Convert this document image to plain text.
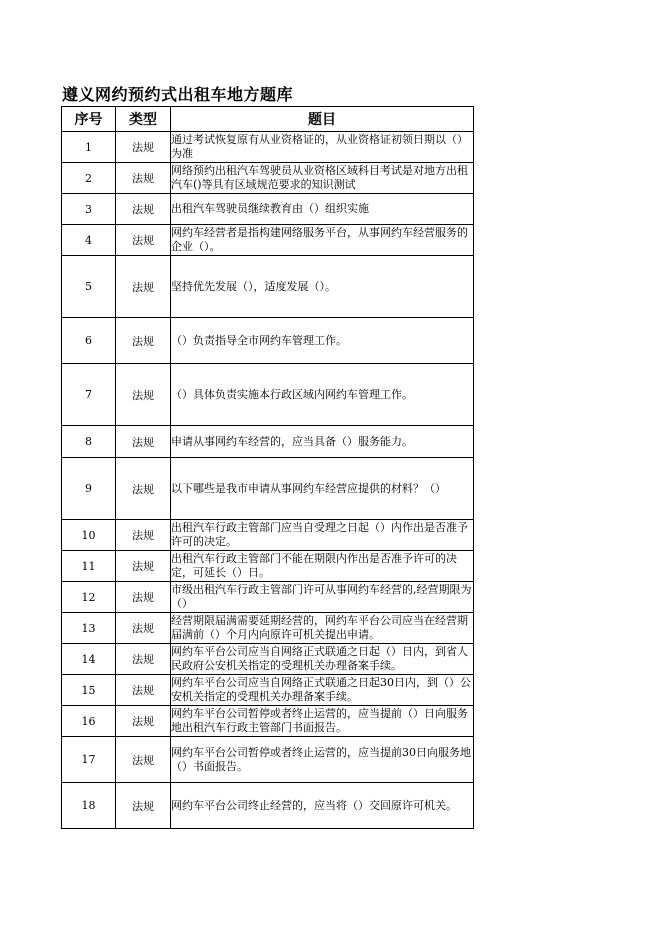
遵义网约预约式出租车地方题库
序号	类型	题目
1	法规	通过考试恢复原有从业资格证的，从业资格证初领日期以（）为准
2	法规	网络预约出租汽车驾驶员从业资格区域科目考试是对地方出租汽车()等具有区域规范要求的知识测试
3	法规	出租汽车驾驶员继续教育由（）组织实施
4	法规	网约车经营者是指构建网络服务平台，从事网约车经营服务的企业（）。
5	法规	坚持优先发展（），适度发展（）。
6	法规	（）负责指导全市网约车管理工作。
7	法规	（）具体负责实施本行政区域内网约车管理工作。
8	法规	申请从事网约车经营的，应当具备（）服务能力。
9	法规	以下哪些是我市申请从事网约车经营应提供的材料？（）
10	法规	出租汽车行政主管部门应当自受理之日起（）内作出是否准予许可的决定。
11	法规	出租汽车行政主管部门不能在期限内作出是否准予许可的决定，可延长（）日。
12	法规	市级出租汽车行政主管部门许可从事网约车经营的,经营期限为（）
13	法规	经营期限届满需要延期经营的，网约车平台公司应当在经营期届满前（）个月内向原许可机关提出申请。
14	法规	网约车平台公司应当自网络正式联通之日起（）日内，到省人民政府公安机关指定的受理机关办理备案手续。
15	法规	网约车平台公司应当自网络正式联通之日起30日内，到（）公安机关指定的受理机关办理备案手续。
16	法规	网约车平台公司暂停或者终止运营的，应当提前（）日向服务地出租汽车行政主管部门书面报告。
17	法规	网约车平台公司暂停或者终止运营的，应当提前30日向服务地（）书面报告。
18	法规	网约车平台公司终止经营的，应当将（）交回原许可机关。
